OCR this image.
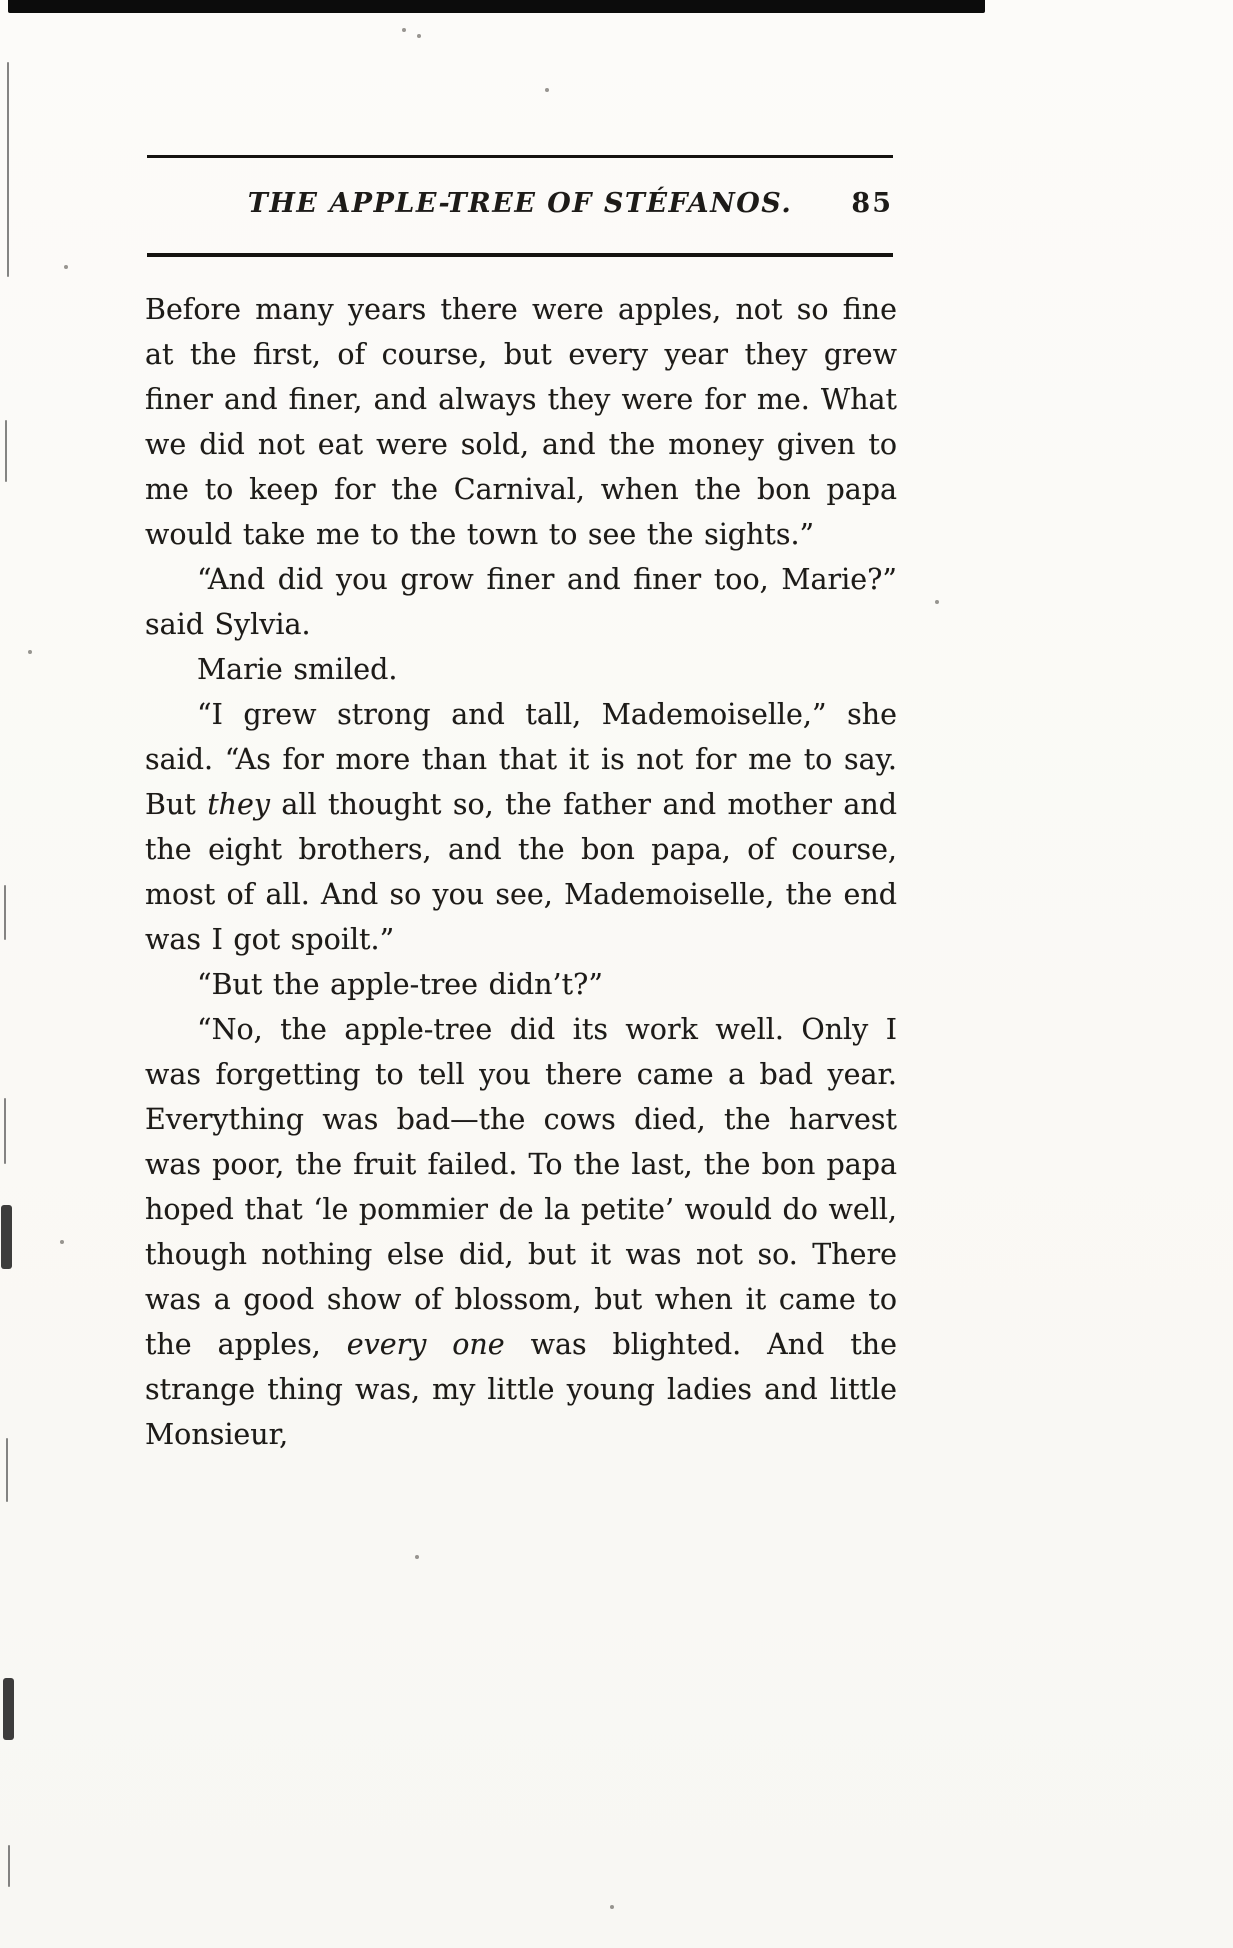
THE APPLE-TREE OF STÉFANOS.	85

Before many years there were apples, not so fine at the first, of course, but every year they grew finer and finer, and always they were for me. What we did not eat were sold, and the money given to me to keep for the Carnival, when the bon papa would take me to the town to see the sights.”

“And did you grow finer and finer too, Marie?” said Sylvia.

Marie smiled.

“I grew strong and tall, Mademoiselle,” she said. “As for more than that it is not for me to say. But they all thought so, the father and mother and the eight brothers, and the bon papa, of course, most of all. And so you see, Mademoiselle, the end was I got spoilt.”

“But the apple-tree didn’t?”

“No, the apple-tree did its work well. Only I was forgetting to tell you there came a bad year. Everything was bad—the cows died, the harvest was poor, the fruit failed. To the last, the bon papa hoped that ‘le pommier de la petite’ would do well, though nothing else did, but it was not so. There was a good show of blossom, but when it came to the apples, every one was blighted. And the strange thing was, my little young ladies and little Monsieur,
